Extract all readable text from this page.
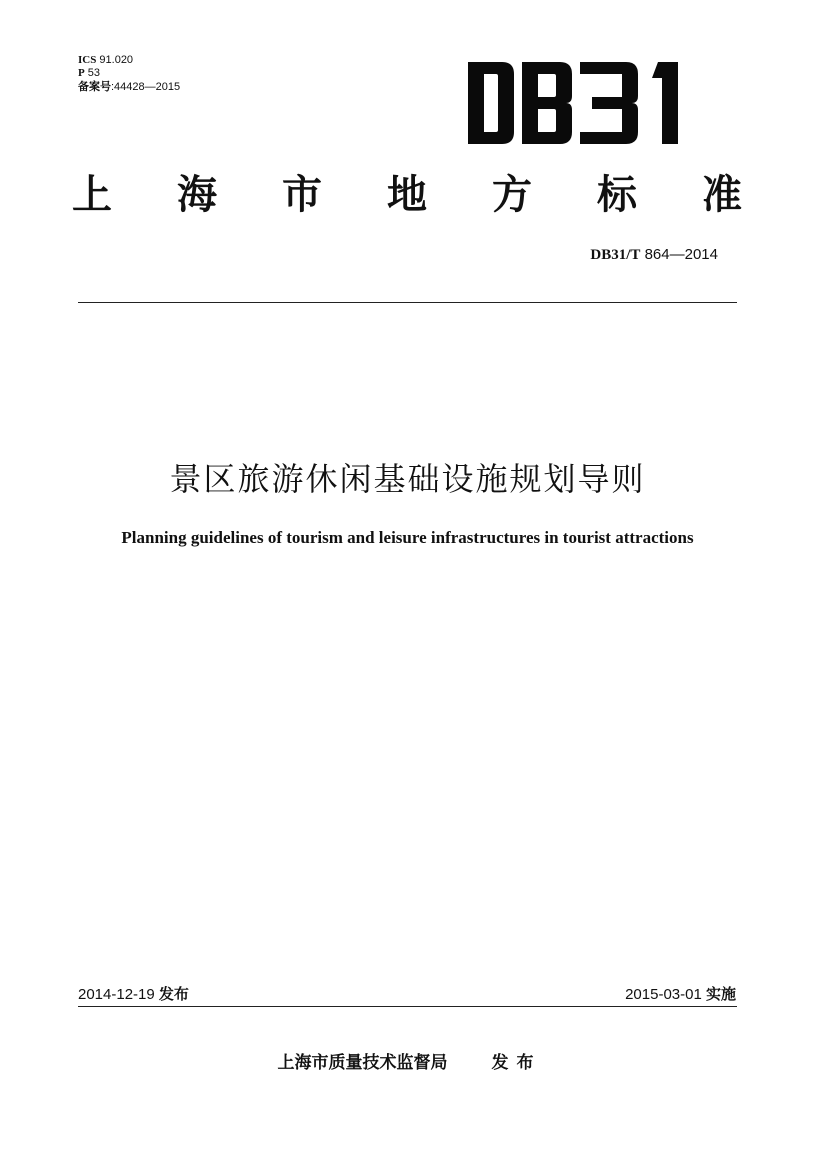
ICS 91.020
P 53
备案号:44428—2015
上 海 市 地 方 标 准
DB31/T 864—2014
景区旅游休闲基础设施规划导则
Planning guidelines of tourism and leisure infrastructures in tourist attractions
2014-12-19 发布	2015-03-01 实施
上海市质量技术监督局	发 布
